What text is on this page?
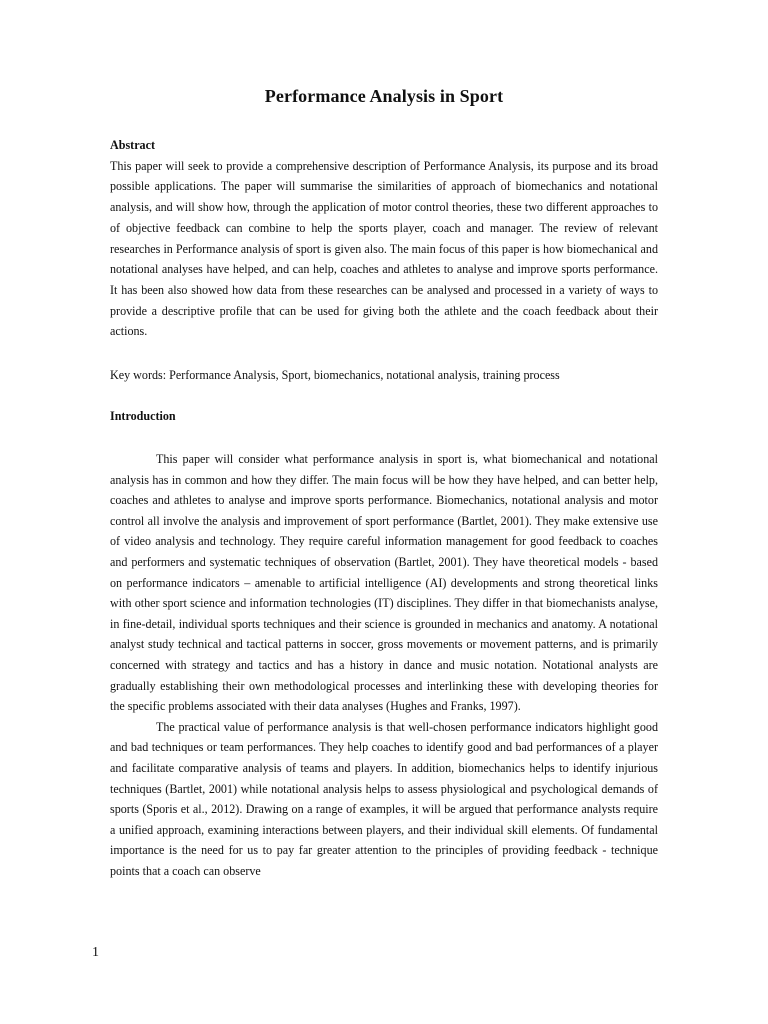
Performance Analysis in Sport
Abstract
This paper will seek to provide a comprehensive description of Performance Analysis, its purpose and its broad possible applications. The paper will summarise the similarities of approach of biomechanics and notational analysis, and will show how, through the application of motor control theories, these two different approaches to of objective feedback can combine to help the sports player, coach and manager. The review of relevant researches in Performance analysis of sport is given also. The main focus of this paper is how biomechanical and notational analyses have helped, and can help, coaches and athletes to analyse and improve sports performance. It has been also showed how data from these researches can be analysed and processed in a variety of ways to provide a descriptive profile that can be used for giving both the athlete and the coach feedback about their actions.
Key words: Performance Analysis, Sport, biomechanics, notational analysis, training process
Introduction

This paper will consider what performance analysis in sport is, what biomechanical and notational analysis has in common and how they differ. The main focus will be how they have helped, and can better help, coaches and athletes to analyse and improve sports performance. Biomechanics, notational analysis and motor control all involve the analysis and improvement of sport performance (Bartlet, 2001). They make extensive use of video analysis and technology. They require careful information management for good feedback to coaches and performers and systematic techniques of observation (Bartlet, 2001). They have theoretical models - based on performance indicators – amenable to artificial intelligence (AI) developments and strong theoretical links with other sport science and information technologies (IT) disciplines. They differ in that biomechanists analyse, in fine-detail, individual sports techniques and their science is grounded in mechanics and anatomy. A notational analyst study technical and tactical patterns in soccer, gross movements or movement patterns, and is primarily concerned with strategy and tactics and has a history in dance and music notation. Notational analysts are gradually establishing their own methodological processes and interlinking these with developing theories for the specific problems associated with their data analyses (Hughes and Franks, 1997).

The practical value of performance analysis is that well-chosen performance indicators highlight good and bad techniques or team performances. They help coaches to identify good and bad performances of a player and facilitate comparative analysis of teams and players. In addition, biomechanics helps to identify injurious techniques (Bartlet, 2001) while notational analysis helps to assess physiological and psychological demands of sports (Sporis et al., 2012). Drawing on a range of examples, it will be argued that performance analysts require a unified approach, examining interactions between players, and their individual skill elements. Of fundamental importance is the need for us to pay far greater attention to the principles of providing feedback - technique points that a coach can observe

1
